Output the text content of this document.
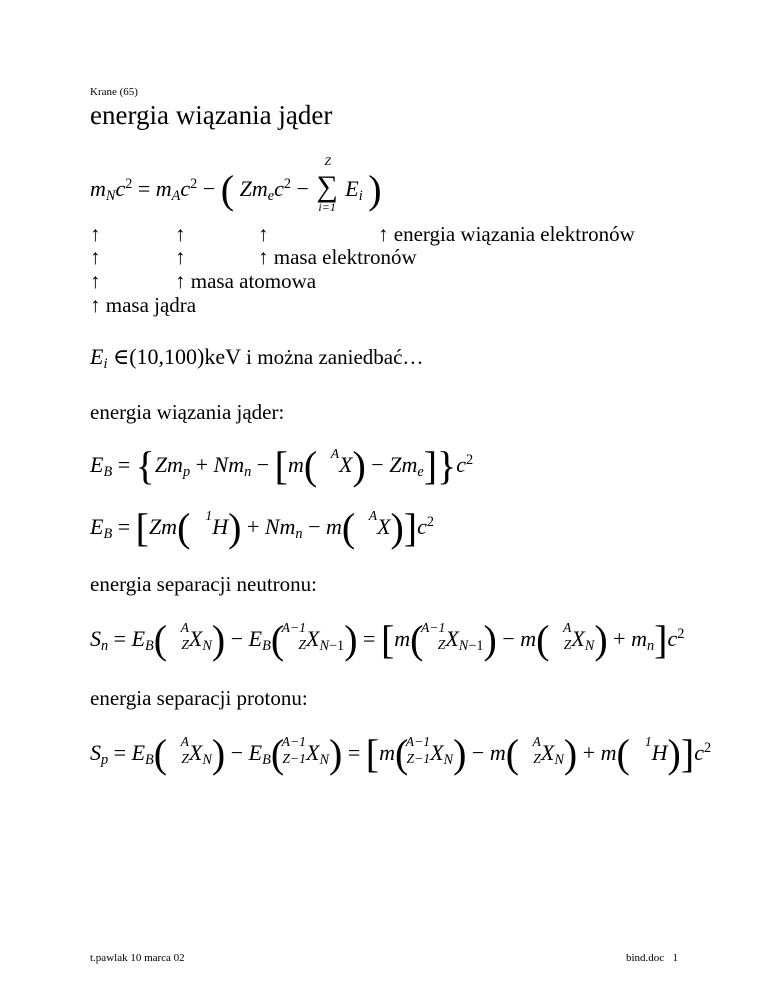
Krane (65)
energia wiązania jąder
$m_Nc^2 = m_Ac^2$ − ( $Zm_ec^2$ −
Z
∑
i=1
$E_i$ )
↑	↑	↑	↑ energia wiązania elektronów
↑	↑	↑ masa elektronów
↑	↑ masa atomowa
↑ masa jądra
$E_i$ ∈(10,100)keV i można zaniedbać…
energia wiązania jąder:
$E_B = \{Zm_p + Nm_n - [m$( A $X) - Zm_e]\}c^2$
$E_B = [Zm$( 1 $H) + Nm_n - m$( A $X)]c^2$
energia separacji neutronu:
$S_n = E_B$( A
Z $X_N) - E_B$(
A−1
Z $X_{N-1}) = [m$(
A−1
Z $X_{N-1}) - m$( A
Z $X_N) + m_n]c^2$
energia separacji protonu:
$S_p = E_B$( A
Z $X_N) - E_B$(
A−1
Z−1 $X_N) = [m$(
A−1
Z−1 $X_N) - m$( A
Z $X_N) + m$( 1 $H)]c^2$
t.pawlak 10 marca 02	bind.doc   1
